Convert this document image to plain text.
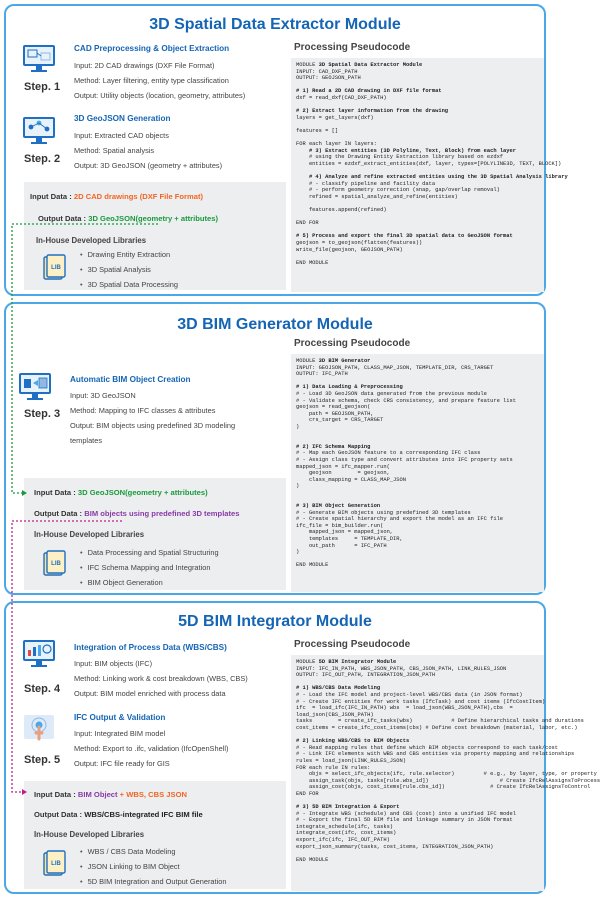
3D Spatial Data Extractor Module
Step. 1
CAD Preprocessing & Object Extraction
Input: 2D CAD drawings (DXF File Format)
Method: Layer filtering, entity type classification
Output: Utility objects (location, geometry, attributes)
Step. 2
3D GeoJSON Generation
Input: Extracted CAD objects
Method: Spatial analysis
Output: 3D GeoJSON (geometry + attributes)
Input Data : 2D CAD drawings (DXF File Format)
Output Data : 3D GeoJSON(geometry + attributes)
In-House Developed Libraries
LIB
• Drawing Entity Extraction
• 3D Spatial Analysis
• 3D Spatial Data Processing
Processing Pseudocode
MODULE 3D Spatial Data Extractor Module
INPUT: CAD_DXF_PATH
OUTPUT: GEOJSON_PATH

# 1) Read a 2D CAD drawing in DXF file format
dxf = read_dxf(CAD_DXF_PATH)

# 2) Extract layer information from the drawing
layers = get_layers(dxf)

features = []

FOR each layer IN layers:
# 3) Extract entities (3D Polyline, Text, Block) from each layer
# using the Drawing Entity Extraction library based on ezdxf
entities = ezdxf_extract_entities(dxf, layer, types=[POLYLINE3D, TEXT, BLOCK])

# 4) Analyze and refine extracted entities using the 3D Spatial Analysis library
# - classify pipeline and facility data
# - perform geometry correction (snap, gap/overlap removal)
refined = spatial_analyze_and_refine(entities)

features.append(refined)

END FOR

# 5) Process and export the final 3D spatial data to GeoJSON format
geojson = to_geojson(flatten(features))
write_file(geojson, GEOJSON_PATH)

END MODULE
3D BIM Generator Module
Step. 3
Automatic BIM Object Creation
Input: 3D GeoJSON
Method: Mapping to IFC classes & attributes
Output: BIM objects using predefined 3D modeling
templates
Input Data : 3D GeoJSON(geometry + attributes)
Output Data : BIM objects using predefined 3D templates
In-House Developed Libraries
LIB
• Data Processing and Spatial Structuring
• IFC Schema Mapping and Integration
• BIM Object Generation
Processing Pseudocode
MODULE 3D BIM Generator
INPUT: GEOJSON_PATH, CLASS_MAP_JSON, TEMPLATE_DIR, CRS_TARGET
OUTPUT: IFC_PATH

# 1) Data Loading & Preprocessing
# - Load 3D GeoJSON data generated from the previous module
# - Validate schema, check CRS consistency, and prepare feature list
geojson = read_geojson(
path = GEOJSON_PATH,
crs_target = CRS_TARGET
)

# 2) IFC Schema Mapping
# - Map each GeoJSON feature to a corresponding IFC class
# - Assign class type and convert attributes into IFC property sets
mapped_json = ifc_mapper.run(
geojson        = geojson,
class_mapping = CLASS_MAP_JSON
)

# 3) BIM Object Generation
# - Generate BIM objects using predefined 3D templates
# - Create spatial hierarchy and export the model as an IFC file
ifc_file = bim_builder.run(
mapped_json = mapped_json,
templates     = TEMPLATE_DIR,
out_path      = IFC_PATH
)

END MODULE
5D BIM Integrator Module
Step. 4
Integration of Process Data (WBS/CBS)
Input: BIM objects (IFC)
Method: Linking work & cost breakdown (WBS, CBS)
Output: BIM model enriched with process data
Step. 5
IFC Output & Validation
Input: Integrated BIM model
Method: Export to .ifc, validation (IfcOpenShell)
Output: IFC file ready for GIS
Input Data : BIM Object + WBS, CBS JSON
Output Data : WBS/CBS-integrated IFC BIM file
In-House Developed Libraries
LIB
• WBS / CBS Data Modeling
• JSON Linking to BIM Object
• 5D BIM Integration and Output Generation
Processing Pseudocode
MODULE 5D BIM Integrator Module
INPUT: IFC_IN_PATH, WBS_JSON_PATH, CBS_JSON_PATH, LINK_RULES_JSON
OUTPUT: IFC_OUT_PATH, INTEGRATION_JSON_PATH

# 1) WBS/CBS Data Modeling
# - Load the IFC model and project-level WBS/CBS data (in JSON format)
# - Create IFC entities for work tasks (IfcTask) and cost items (IfcCostItem)
ifc  = load_ifc(IFC_IN_PATH) wbs  = load_json(WBS_JSON_PATH),cbs  =
load_json(CBS_JSON_PATH)
tasks        = create_ifc_tasks(wbs)            # Define hierarchical tasks and durations
cost_items = create_ifc_cost_items(cbs) # Define cost breakdown (material, labor, etc.)

# 2) Linking WBS/CBS to BIM Objects
# - Read mapping rules that define which BIM objects correspond to each task/cost
# - Link IFC elements with WBS and CBS entities via property mapping and relationships
rules = load_json(LINK_RULES_JSON)
FOR each rule IN rules:
objs = select_ifc_objects(ifc, rule.selector)         # e.g., by layer, type, or property
assign_task(objs, tasks[rule.wbs_id])                      # Create IfcRelAssignsToProcess
assign_cost(objs, cost_items[rule.cbs_id])              # Create IfcRelAssignsToControl
END FOR

# 3) 5D BIM Integration & Export
# - Integrate WBS (schedule) and CBS (cost) into a unified IFC model
# - Export the final 5D BIM file and linkage summary in JSON format
integrate_schedule(ifc, tasks)
integrate_cost(ifc, cost_items)
export_ifc(ifc, IFC_OUT_PATH)
export_json_summary(tasks, cost_items, INTEGRATION_JSON_PATH)

END MODULE
